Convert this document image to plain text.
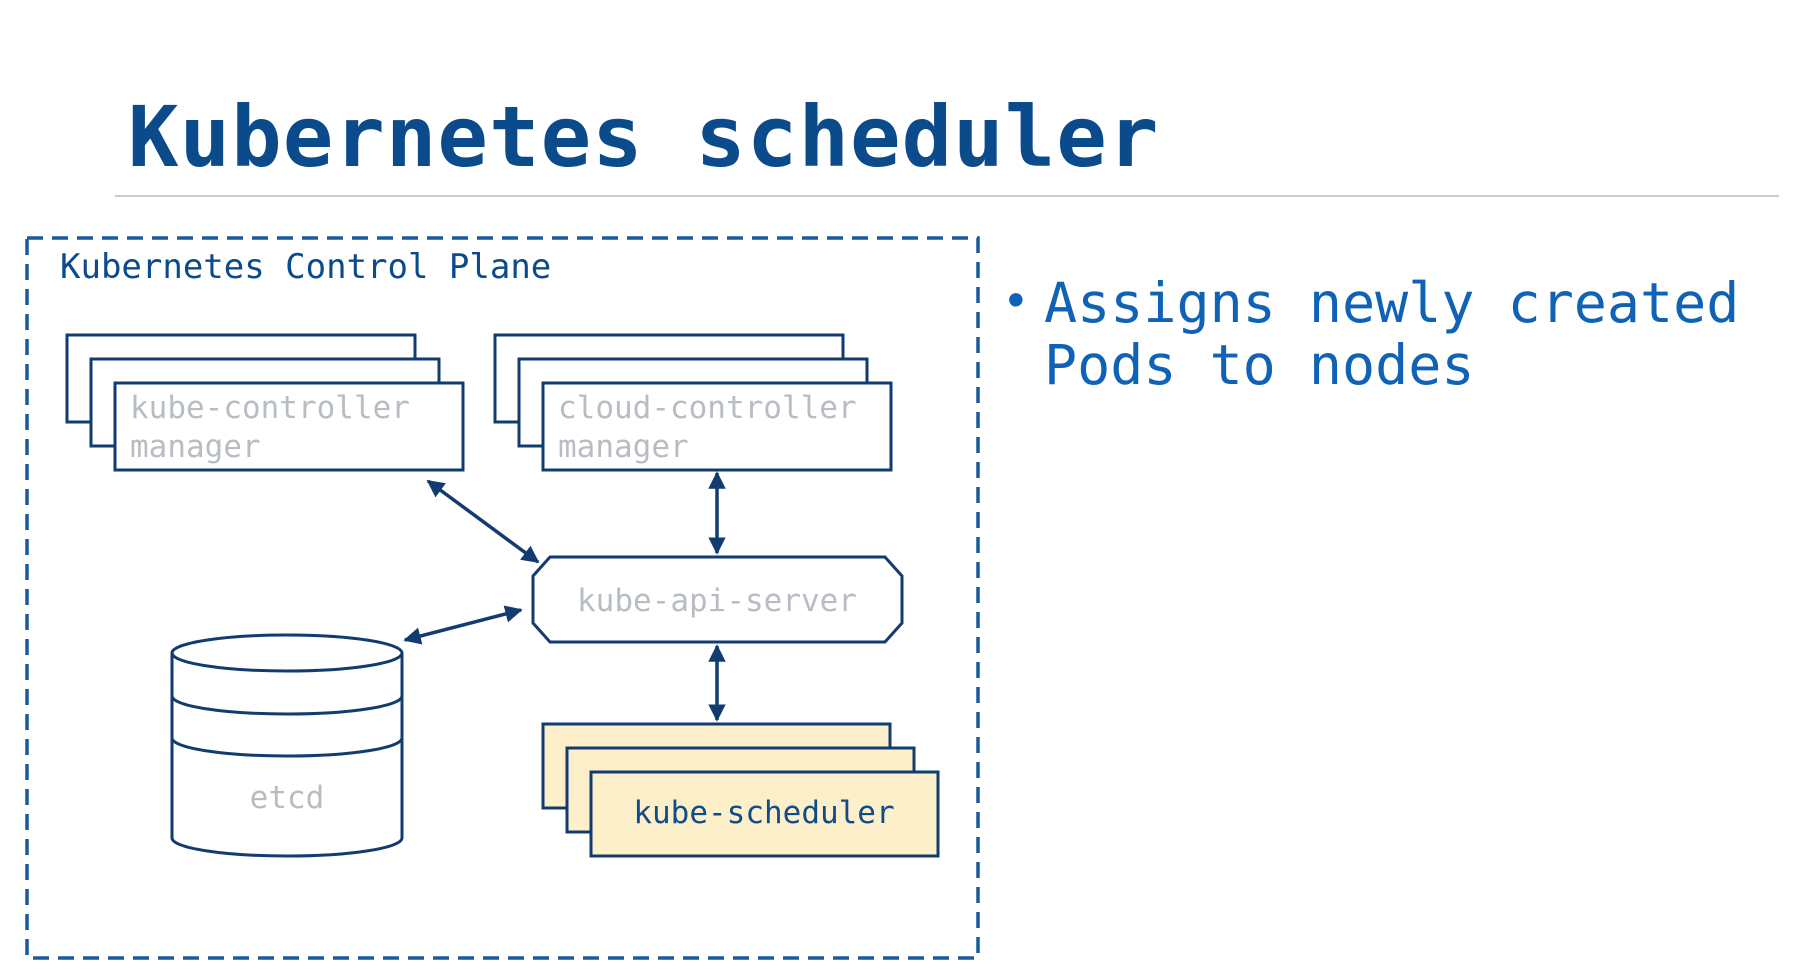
Kubernetes scheduler
Kubernetes Control Plane
kube-controller
manager
cloud-controller
manager
kube-api-server
etcd	kube-scheduler
• Assigns newly created Pods to nodes
